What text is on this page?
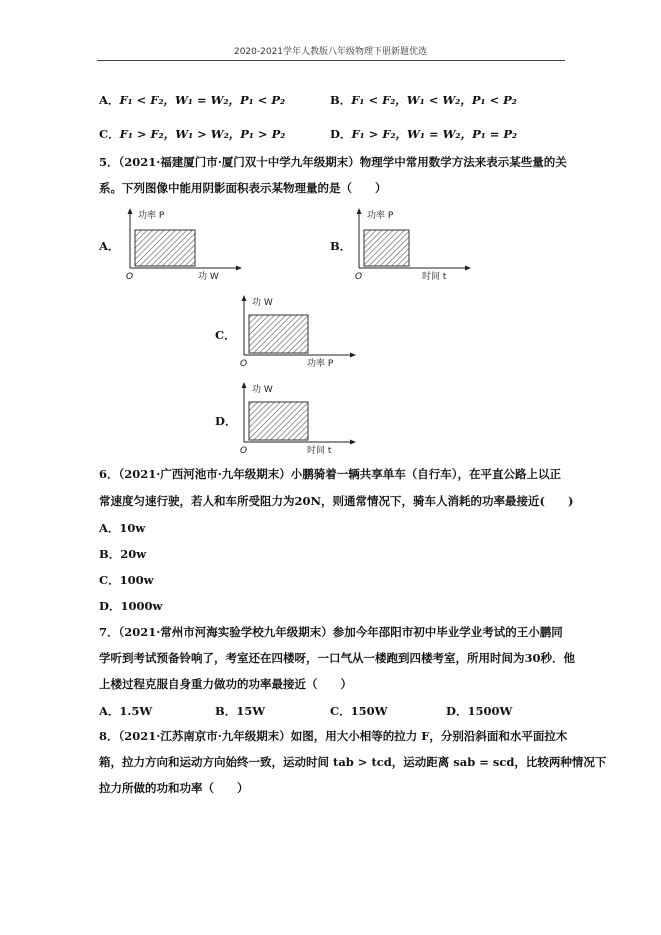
2020-2021学年人教版八年级物理下册新题优选
A．F₁ < F₂，W₁ = W₂，P₁ < P₂	B．F₁ < F₂，W₁ < W₂，P₁ < P₂
C．F₁ > F₂，W₁ > W₂，P₁ > P₂	D．F₁ > F₂，W₁ = W₂，P₁ = P₂
5．（2021·福建厦门市·厦门双十中学九年级期末）物理学中常用数学方法来表示某些量的关
系。下列图像中能用阴影面积表示某物理量的是（　　）
A．
O
功率 P
功 W
B．
O
功率 P
时间 t
C．
O
功 W
功率 P
D．
O
功 W
时间 t
6．（2021·广西河池市·九年级期末）小鹏骑着一辆共享单车（自行车），在平直公路上以正
常速度匀速行驶，若人和车所受阻力为20N，则通常情况下，骑车人消耗的功率最接近(　　)
A．10w
B．20w
C．100w
D．1000w
7．（2021·常州市河海实验学校九年级期末）参加今年邵阳市初中毕业学业考试的王小鹏同
学听到考试预备铃响了，考室还在四楼呀，一口气从一楼跑到四楼考室，所用时间为30秒．他
上楼过程克服自身重力做功的功率最接近（　　）
A．1.5W	B．15W	C．150W	D．1500W
8．（2021·江苏南京市·九年级期末）如图，用大小相等的拉力 F，分别沿斜面和水平面拉木
箱，拉力方向和运动方向始终一致，运动时间 tab > tcd，运动距离 sab = scd，比较两种情况下
拉力所做的功和功率（　　）
